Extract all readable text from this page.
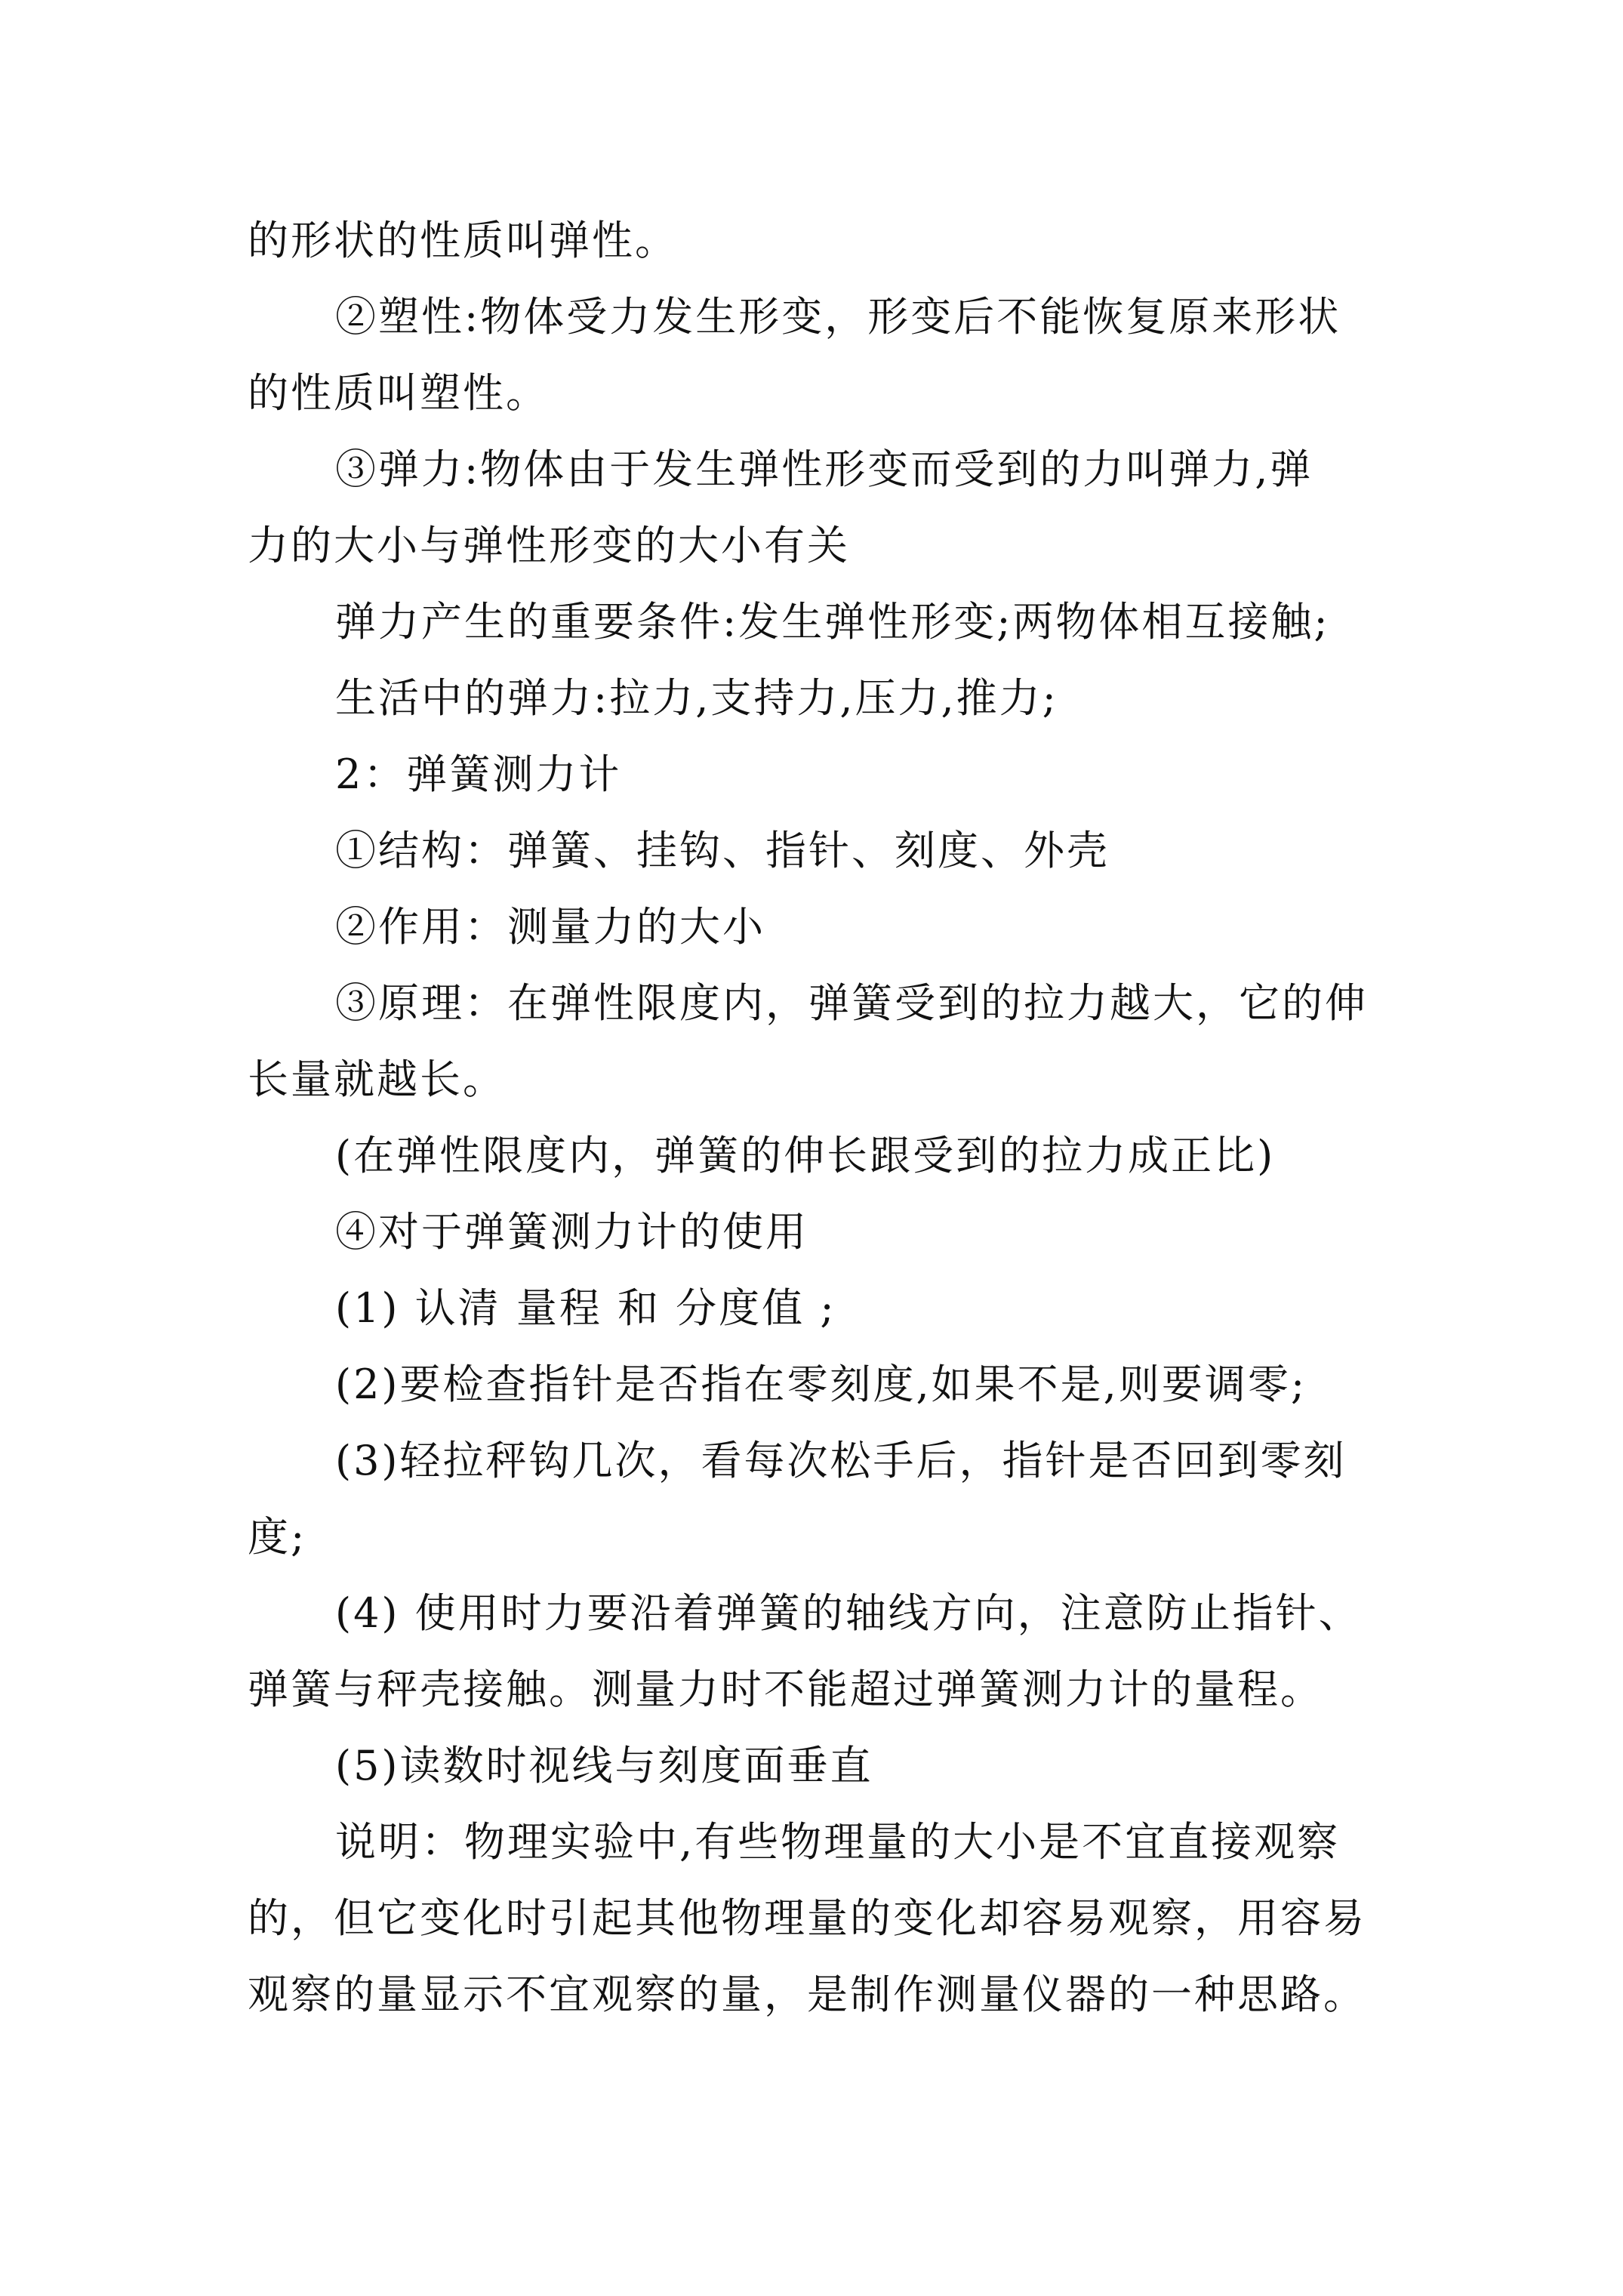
的形状的性质叫弹性。

②塑性:物体受力发生形变，形变后不能恢复原来形状

的性质叫塑性。

③弹力:物体由于发生弹性形变而受到的力叫弹力,弹

力的大小与弹性形变的大小有关

弹力产生的重要条件:发生弹性形变;两物体相互接触;

生活中的弹力:拉力,支持力,压力,推力;

2：弹簧测力计

①结构：弹簧、挂钩、指针、刻度、外壳

②作用：测量力的大小

③原理：在弹性限度内，弹簧受到的拉力越大，它的伸

长量就越长。

(在弹性限度内，弹簧的伸长跟受到的拉力成正比)

④对于弹簧测力计的使用

(1) 认清 量程 和 分度值 ;

(2)要检查指针是否指在零刻度,如果不是,则要调零;

(3)轻拉秤钩几次，看每次松手后，指针是否回到零刻

度;

(4) 使用时力要沿着弹簧的轴线方向，注意防止指针、

弹簧与秤壳接触。测量力时不能超过弹簧测力计的量程。

(5)读数时视线与刻度面垂直

说明：物理实验中,有些物理量的大小是不宜直接观察

的，但它变化时引起其他物理量的变化却容易观察，用容易

观察的量显示不宜观察的量，是制作测量仪器的一种思路。
